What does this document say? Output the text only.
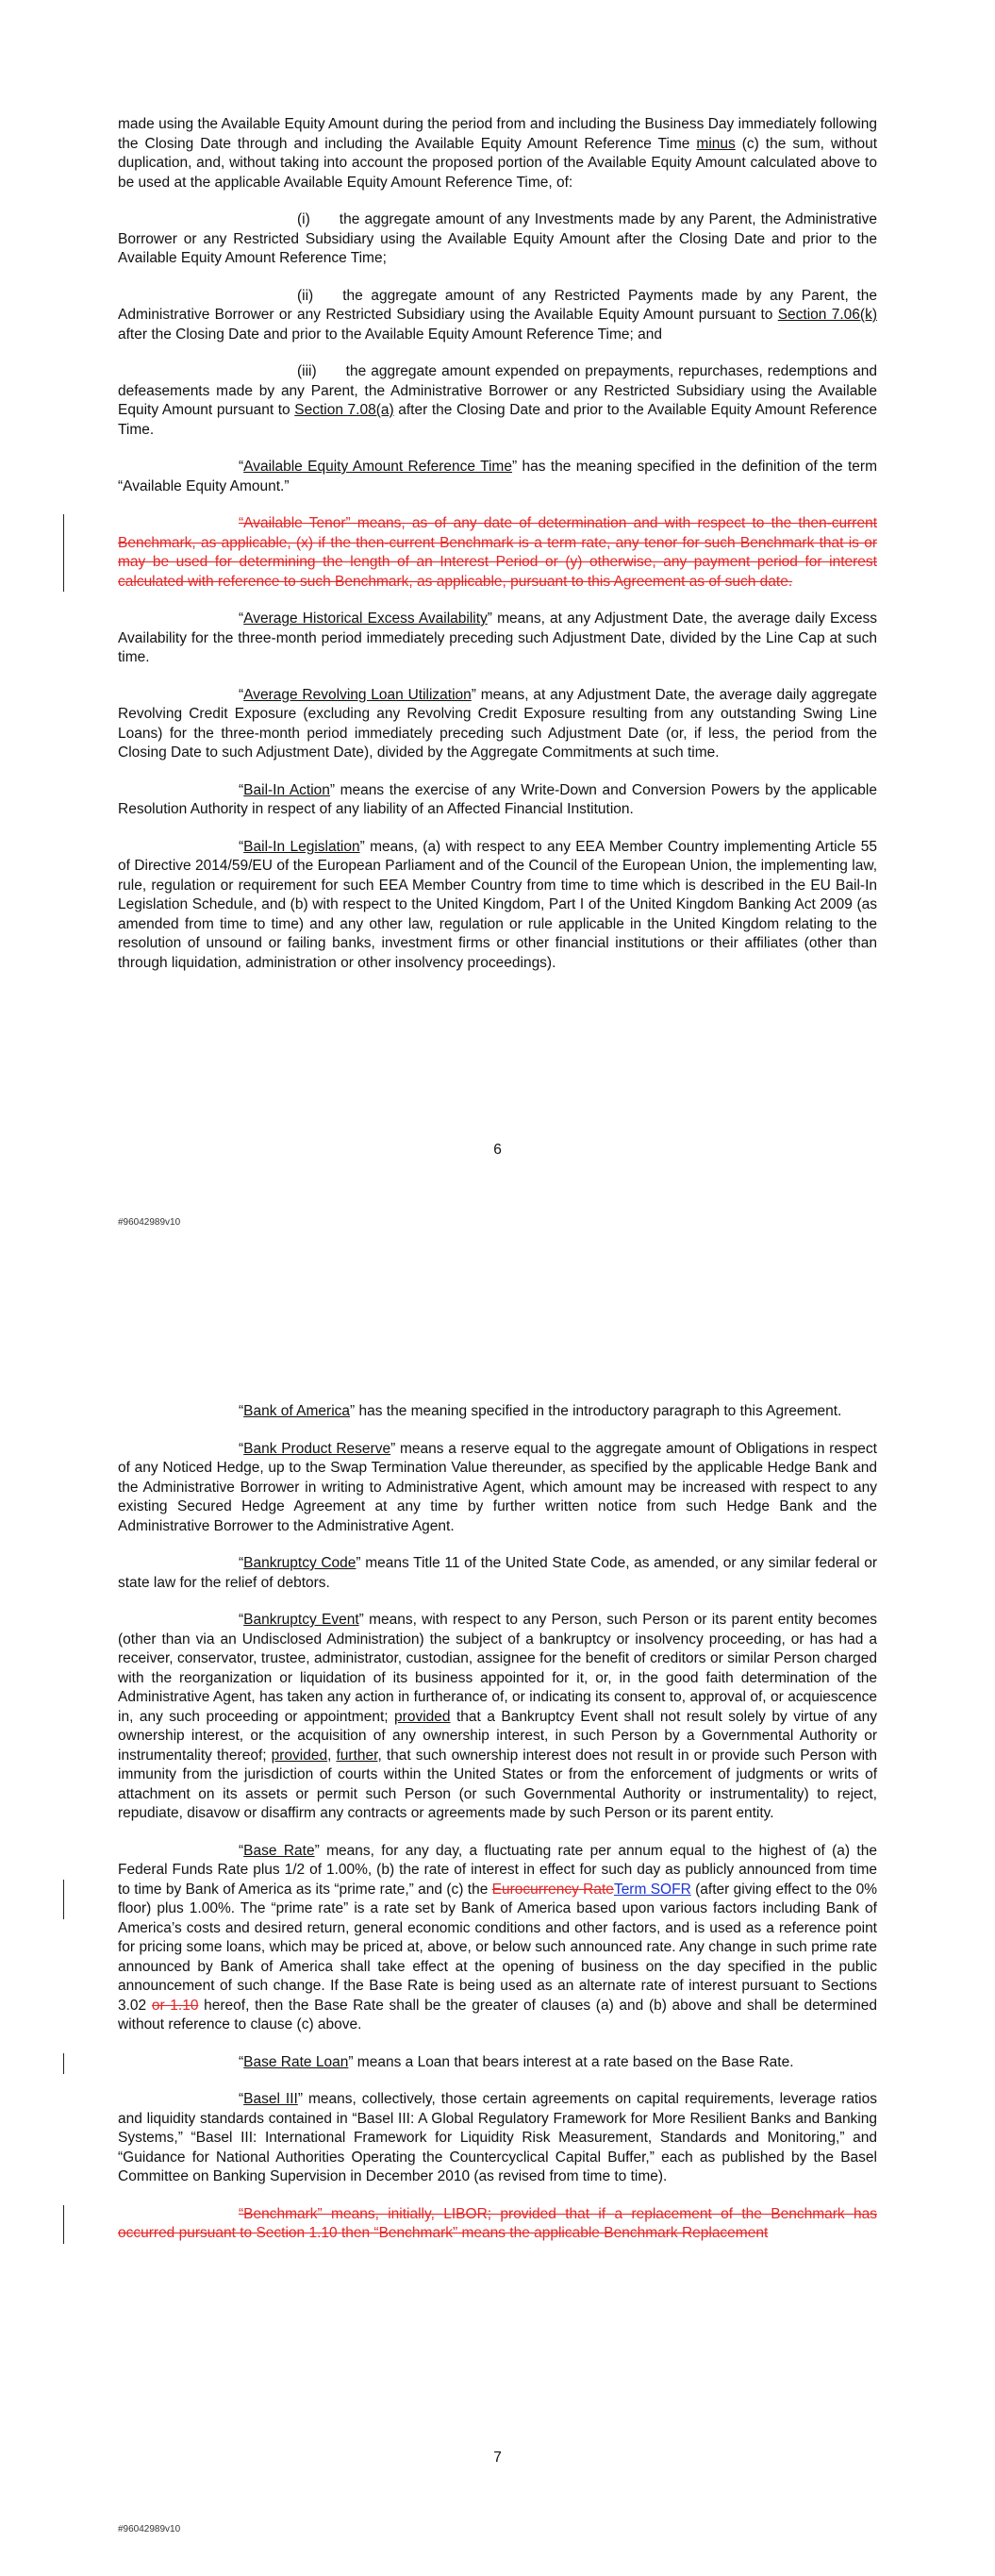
made using the Available Equity Amount during the period from and including the Business Day immediately following the Closing Date through and including the Available Equity Amount Reference Time minus (c) the sum, without duplication, and, without taking into account the proposed portion of the Available Equity Amount calculated above to be used at the applicable Available Equity Amount Reference Time, of:

(i)  the aggregate amount of any Investments made by any Parent, the Administrative Borrower or any Restricted Subsidiary using the Available Equity Amount after the Closing Date and prior to the Available Equity Amount Reference Time;

(ii)  the aggregate amount of any Restricted Payments made by any Parent, the Administrative Borrower or any Restricted Subsidiary using the Available Equity Amount pursuant to Section 7.06(k) after the Closing Date and prior to the Available Equity Amount Reference Time; and

(iii)  the aggregate amount expended on prepayments, repurchases, redemptions and defeasements made by any Parent, the Administrative Borrower or any Restricted Subsidiary using the Available Equity Amount pursuant to Section 7.08(a) after the Closing Date and prior to the Available Equity Amount Reference Time.

“Available Equity Amount Reference Time” has the meaning specified in the definition of the term “Available Equity Amount.”

“Available Tenor” means, as of any date of determination and with respect to the then-current Benchmark, as applicable, (x) if the then-current Benchmark is a term rate, any tenor for such Benchmark that is or may be used for determining the length of an Interest Period or (y) otherwise, any payment period for interest calculated with reference to such Benchmark, as applicable, pursuant to this Agreement as of such date.

“Average Historical Excess Availability” means, at any Adjustment Date, the average daily Excess Availability for the three-month period immediately preceding such Adjustment Date, divided by the Line Cap at such time.

“Average Revolving Loan Utilization” means, at any Adjustment Date, the average daily aggregate Revolving Credit Exposure (excluding any Revolving Credit Exposure resulting from any outstanding Swing Line Loans) for the three-month period immediately preceding such Adjustment Date (or, if less, the period from the Closing Date to such Adjustment Date), divided by the Aggregate Commitments at such time.

“Bail-In Action” means the exercise of any Write-Down and Conversion Powers by the applicable Resolution Authority in respect of any liability of an Affected Financial Institution.

“Bail-In Legislation” means, (a) with respect to any EEA Member Country implementing Article 55 of Directive 2014/59/EU of the European Parliament and of the Council of the European Union, the implementing law, rule, regulation or requirement for such EEA Member Country from time to time which is described in the EU Bail-In Legislation Schedule, and (b) with respect to the United Kingdom, Part I of the United Kingdom Banking Act 2009 (as amended from time to time) and any other law, regulation or rule applicable in the United Kingdom relating to the resolution of unsound or failing banks, investment firms or other financial institutions or their affiliates (other than through liquidation, administration or other insolvency proceedings).

6
#96042989v10

“Bank of America” has the meaning specified in the introductory paragraph to this Agreement.

“Bank Product Reserve” means a reserve equal to the aggregate amount of Obligations in respect of any Noticed Hedge, up to the Swap Termination Value thereunder, as specified by the applicable Hedge Bank and the Administrative Borrower in writing to Administrative Agent, which amount may be increased with respect to any existing Secured Hedge Agreement at any time by further written notice from such Hedge Bank and the Administrative Borrower to the Administrative Agent.

“Bankruptcy Code” means Title 11 of the United State Code, as amended, or any similar federal or state law for the relief of debtors.

“Bankruptcy Event” means, with respect to any Person, such Person or its parent entity becomes (other than via an Undisclosed Administration) the subject of a bankruptcy or insolvency proceeding, or has had a receiver, conservator, trustee, administrator, custodian, assignee for the benefit of creditors or similar Person charged with the reorganization or liquidation of its business appointed for it, or, in the good faith determination of the Administrative Agent, has taken any action in furtherance of, or indicating its consent to, approval of, or acquiescence in, any such proceeding or appointment; provided that a Bankruptcy Event shall not result solely by virtue of any ownership interest, or the acquisition of any ownership interest, in such Person by a Governmental Authority or instrumentality thereof; provided, further, that such ownership interest does not result in or provide such Person with immunity from the jurisdiction of courts within the United States or from the enforcement of judgments or writs of attachment on its assets or permit such Person (or such Governmental Authority or instrumentality) to reject, repudiate, disavow or disaffirm any contracts or agreements made by such Person or its parent entity.

“Base Rate” means, for any day, a fluctuating rate per annum equal to the highest of (a) the Federal Funds Rate plus 1/2 of 1.00%, (b) the rate of interest in effect for such day as publicly announced from time to time by Bank of America as its “prime rate,” and (c) the Eurocurrency RateTerm SOFR (after giving effect to the 0% floor) plus 1.00%. The “prime rate” is a rate set by Bank of America based upon various factors including Bank of America’s costs and desired return, general economic conditions and other factors, and is used as a reference point for pricing some loans, which may be priced at, above, or below such announced rate. Any change in such prime rate announced by Bank of America shall take effect at the opening of business on the day specified in the public announcement of such change. If the Base Rate is being used as an alternate rate of interest pursuant to Sections 3.02 or 1.10 hereof, then the Base Rate shall be the greater of clauses (a) and (b) above and shall be determined without reference to clause (c) above.

“Base Rate Loan” means a Loan that bears interest at a rate based on the Base Rate.

“Basel III” means, collectively, those certain agreements on capital requirements, leverage ratios and liquidity standards contained in “Basel III: A Global Regulatory Framework for More Resilient Banks and Banking Systems,” “Basel III: International Framework for Liquidity Risk Measurement, Standards and Monitoring,” and “Guidance for National Authorities Operating the Countercyclical Capital Buffer,” each as published by the Basel Committee on Banking Supervision in December 2010 (as revised from time to time).

“Benchmark” means, initially, LIBOR; provided that if a replacement of the Benchmark has occurred pursuant to Section 1.10 then “Benchmark” means the applicable Benchmark Replacement

7
#96042989v10
